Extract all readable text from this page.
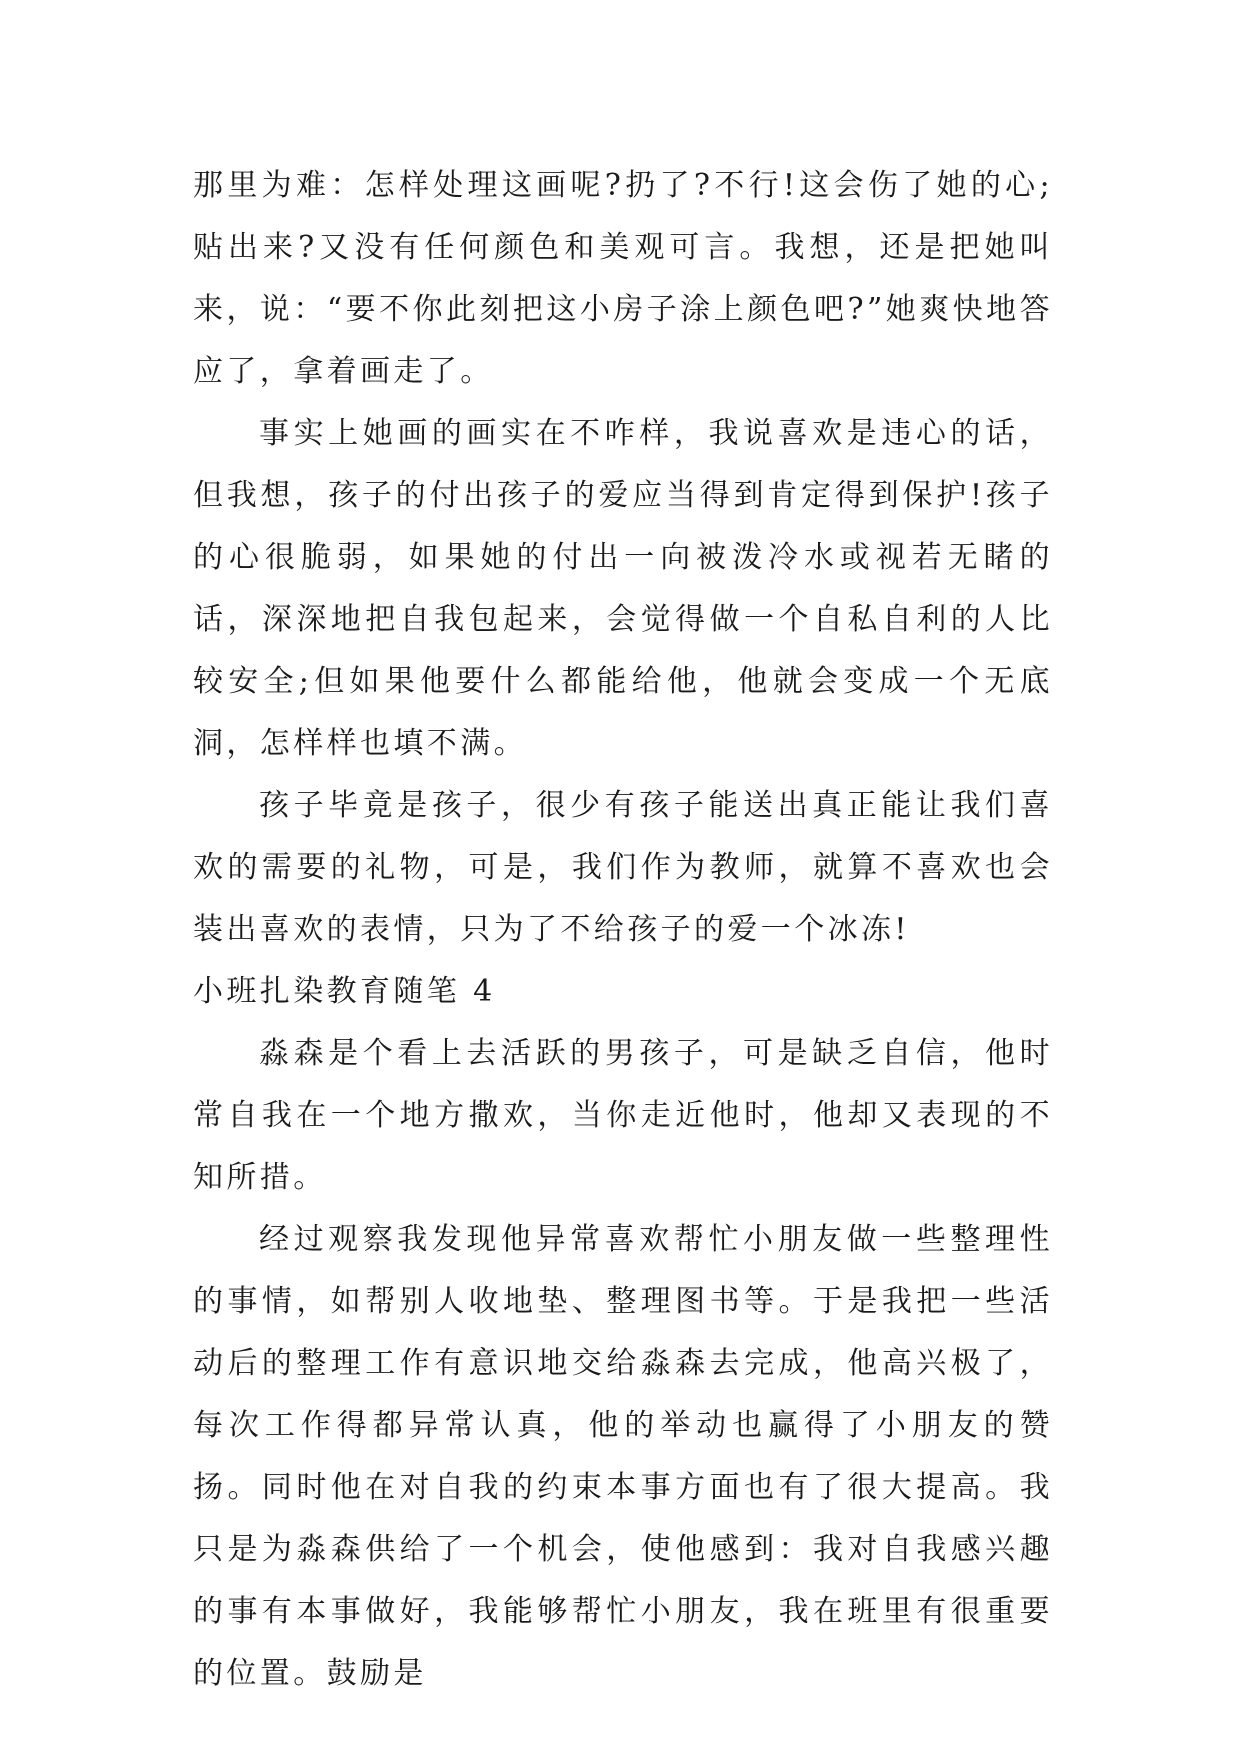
那里为难：怎样处理这画呢?扔了?不行!这会伤了她的心;贴出来?又没有任何颜色和美观可言。我想，还是把她叫来，说：“要不你此刻把这小房子涂上颜色吧?”她爽快地答应了，拿着画走了。

事实上她画的画实在不咋样，我说喜欢是违心的话，但我想，孩子的付出孩子的爱应当得到肯定得到保护!孩子的心很脆弱，如果她的付出一向被泼冷水或视若无睹的话，深深地把自我包起来，会觉得做一个自私自利的人比较安全;但如果他要什么都能给他，他就会变成一个无底洞，怎样样也填不满。

孩子毕竟是孩子，很少有孩子能送出真正能让我们喜欢的需要的礼物，可是，我们作为教师，就算不喜欢也会装出喜欢的表情，只为了不给孩子的爱一个冰冻!

小班扎染教育随笔 4

淼森是个看上去活跃的男孩子，可是缺乏自信，他时常自我在一个地方撒欢，当你走近他时，他却又表现的不知所措。

经过观察我发现他异常喜欢帮忙小朋友做一些整理性的事情，如帮别人收地垫、整理图书等。于是我把一些活动后的整理工作有意识地交给淼森去完成，他高兴极了，每次工作得都异常认真，他的举动也赢得了小朋友的赞扬。同时他在对自我的约束本事方面也有了很大提高。我只是为淼森供给了一个机会，使他感到：我对自我感兴趣的事有本事做好，我能够帮忙小朋友，我在班里有很重要的位置。鼓励是
